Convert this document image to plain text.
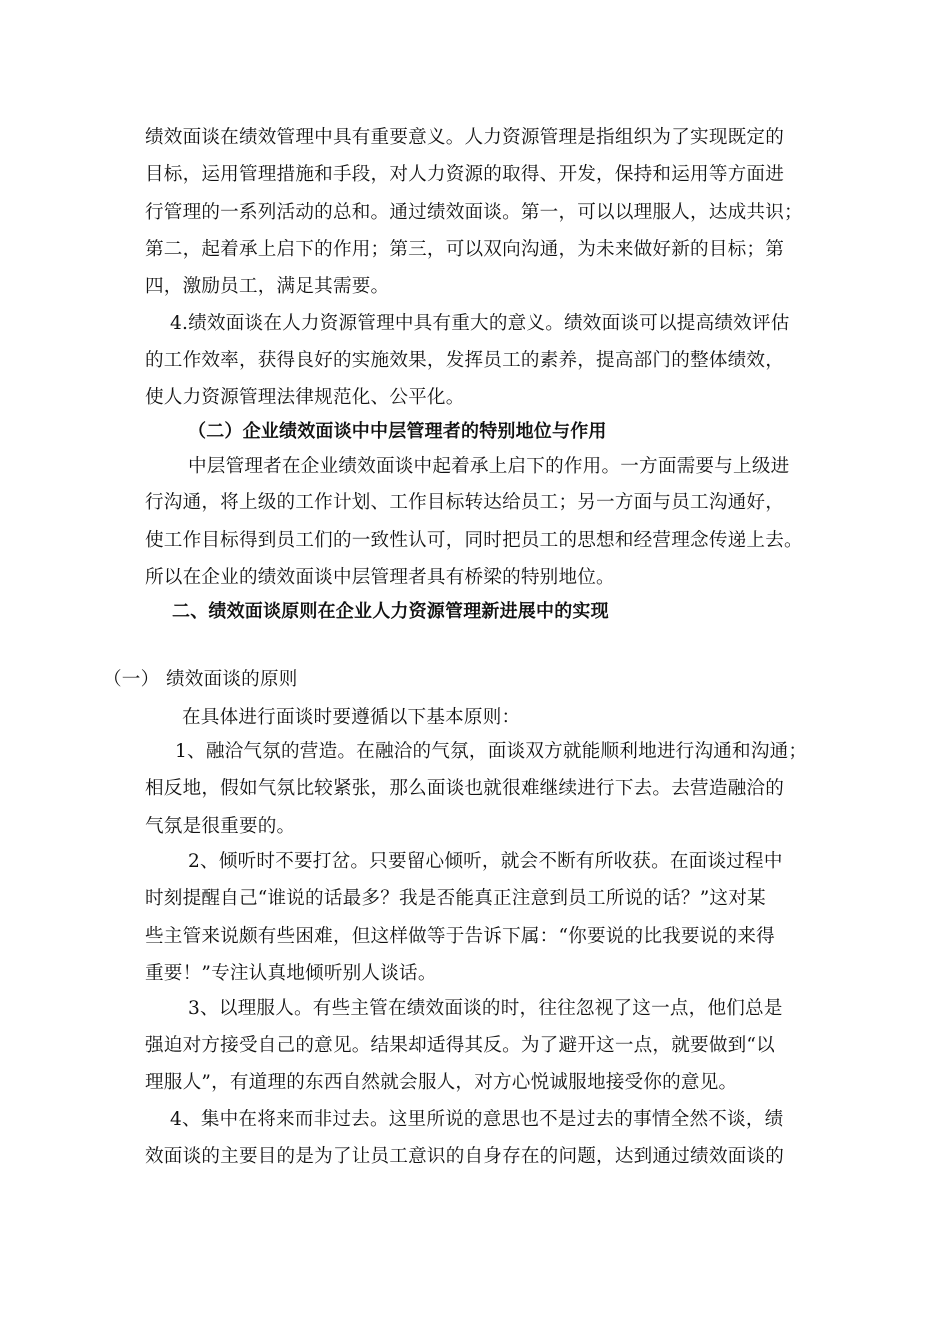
绩效面谈在绩效管理中具有重要意义。人力资源管理是指组织为了实现既定的
目标，运用管理措施和手段，对人力资源的取得、开发，保持和运用等方面进
行管理的一系列活动的总和。通过绩效面谈。第一，可以以理服人，达成共识；
第二，起着承上启下的作用；第三，可以双向沟通，为未来做好新的目标；第
四，激励员工，满足其需要。
4.绩效面谈在人力资源管理中具有重大的意义。绩效面谈可以提高绩效评估
的工作效率，获得良好的实施效果，发挥员工的素养，提高部门的整体绩效，
使人力资源管理法律规范化、公平化。
（二）企业绩效面谈中中层管理者的特别地位与作用
中层管理者在企业绩效面谈中起着承上启下的作用。一方面需要与上级进
行沟通，将上级的工作计划、工作目标转达给员工；另一方面与员工沟通好，
使工作目标得到员工们的一致性认可，同时把员工的思想和经营理念传递上去。
所以在企业的绩效面谈中层管理者具有桥梁的特别地位。
二、绩效面谈原则在企业人力资源管理新进展中的实现
（一） 绩效面谈的原则
在具体进行面谈时要遵循以下基本原则：
1、融洽气氛的营造。在融洽的气氛，面谈双方就能顺利地进行沟通和沟通；
相反地，假如气氛比较紧张，那么面谈也就很难继续进行下去。去营造融洽的
气氛是很重要的。
2、倾听时不要打岔。只要留心倾听，就会不断有所收获。在面谈过程中
时刻提醒自己“谁说的话最多？我是否能真正注意到员工所说的话？”这对某
些主管来说颇有些困难，但这样做等于告诉下属：“你要说的比我要说的来得
重要！”专注认真地倾听别人谈话。
3、以理服人。有些主管在绩效面谈的时，往往忽视了这一点，他们总是
强迫对方接受自己的意见。结果却适得其反。为了避开这一点，就要做到“以
理服人”，有道理的东西自然就会服人，对方心悦诚服地接受你的意见。
4、集中在将来而非过去。这里所说的意思也不是过去的事情全然不谈，绩
效面谈的主要目的是为了让员工意识的自身存在的问题，达到通过绩效面谈的
